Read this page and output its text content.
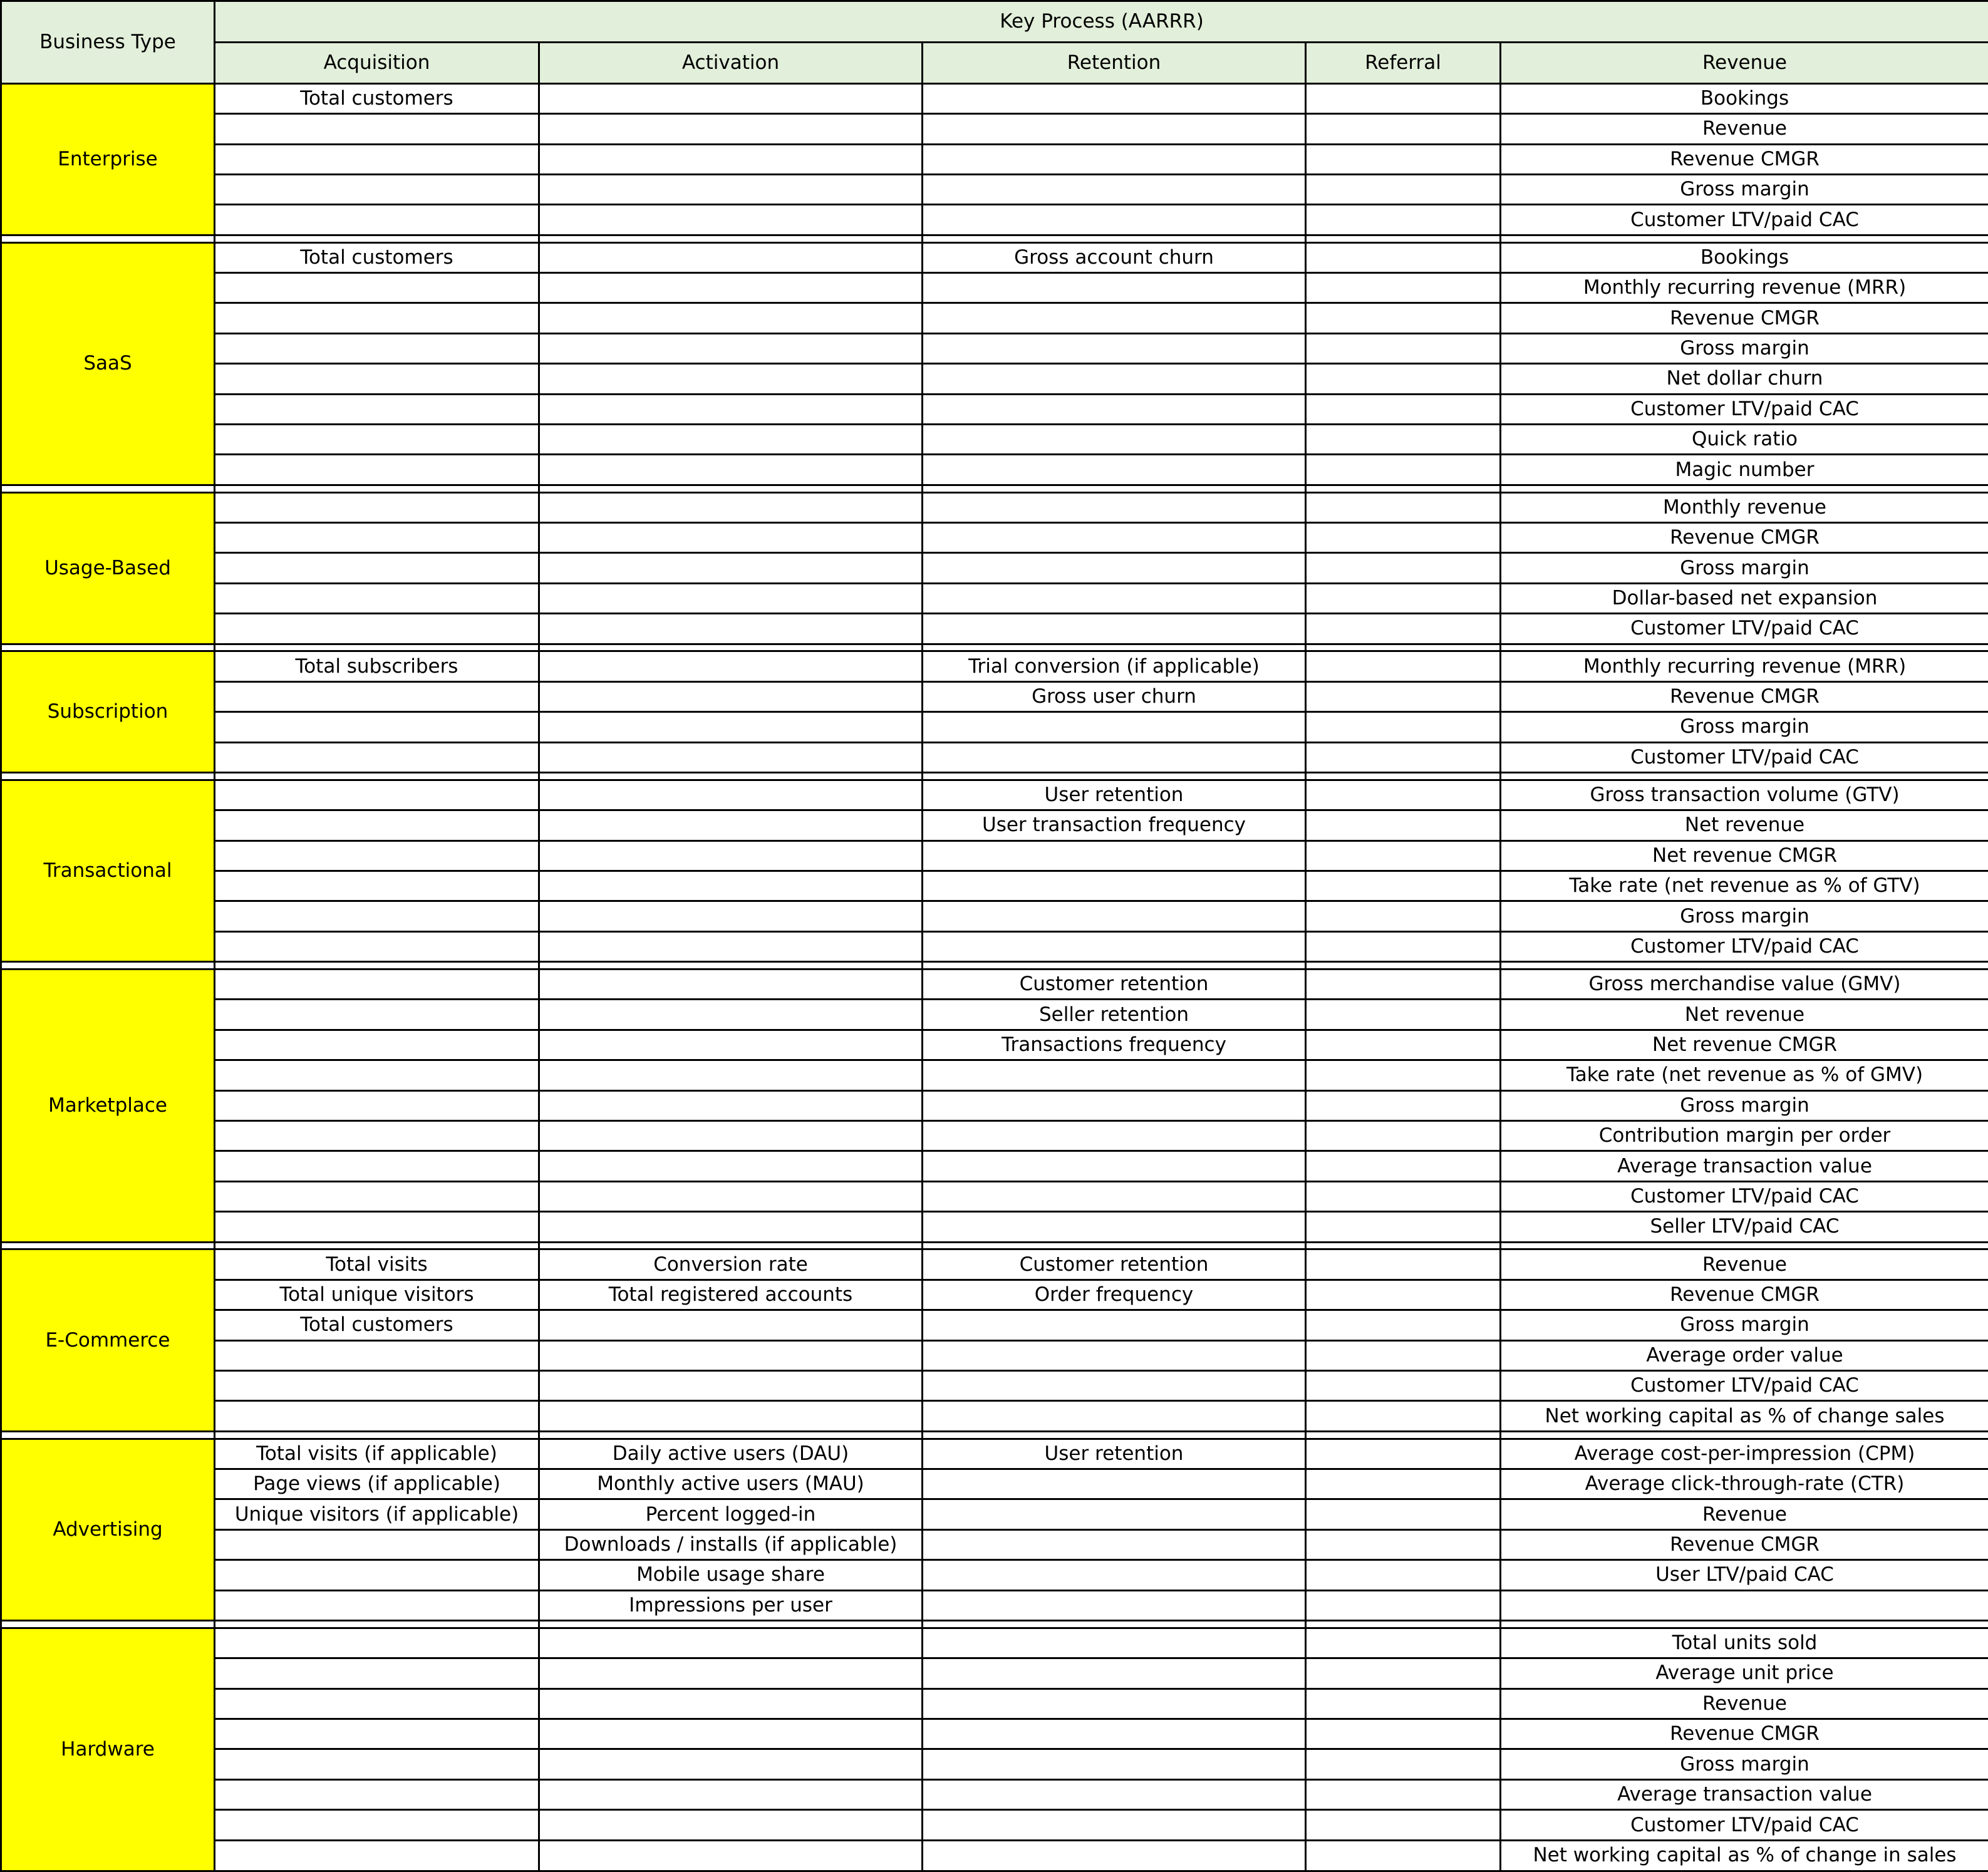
Business Type	Key Process (AARRR)				
	Acquisition	Activation	Retention	Referral	Revenue
Enterprise	Total customers				Bookings
					Revenue
					Revenue CMGR
					Gross margin
					Customer LTV/paid CAC

SaaS	Total customers		Gross account churn		Bookings
					Monthly recurring revenue (MRR)
					Revenue CMGR
					Gross margin
					Net dollar churn
					Customer LTV/paid CAC
					Quick ratio
					Magic number

Usage-Based					Monthly revenue
					Revenue CMGR
					Gross margin
					Dollar-based net expansion
					Customer LTV/paid CAC

Subscription	Total subscribers		Trial conversion (if applicable)		Monthly recurring revenue (MRR)
			Gross user churn		Revenue CMGR
					Gross margin
					Customer LTV/paid CAC

Transactional			User retention		Gross transaction volume (GTV)
			User transaction frequency		Net revenue
					Net revenue CMGR
					Take rate (net revenue as % of GTV)
					Gross margin
					Customer LTV/paid CAC

Marketplace			Customer retention		Gross merchandise value (GMV)
			Seller retention		Net revenue
			Transactions frequency		Net revenue CMGR
					Take rate (net revenue as % of GMV)
					Gross margin
					Contribution margin per order
					Average transaction value
					Customer LTV/paid CAC
					Seller LTV/paid CAC

E-Commerce	Total visits	Conversion rate	Customer retention		Revenue
	Total unique visitors	Total registered accounts	Order frequency		Revenue CMGR
	Total customers				Gross margin
					Average order value
					Customer LTV/paid CAC
					Net working capital as % of change sales

Advertising	Total visits (if applicable)	Daily active users (DAU)	User retention		Average cost-per-impression (CPM)
	Page views (if applicable)	Monthly active users (MAU)			Average click-through-rate (CTR)
	Unique visitors (if applicable)	Percent logged-in			Revenue
		Downloads / installs (if applicable)			Revenue CMGR
		Mobile usage share			User LTV/paid CAC
		Impressions per user			

Hardware					Total units sold
					Average unit price
					Revenue
					Revenue CMGR
					Gross margin
					Average transaction value
					Customer LTV/paid CAC
					Net working capital as % of change in sales
